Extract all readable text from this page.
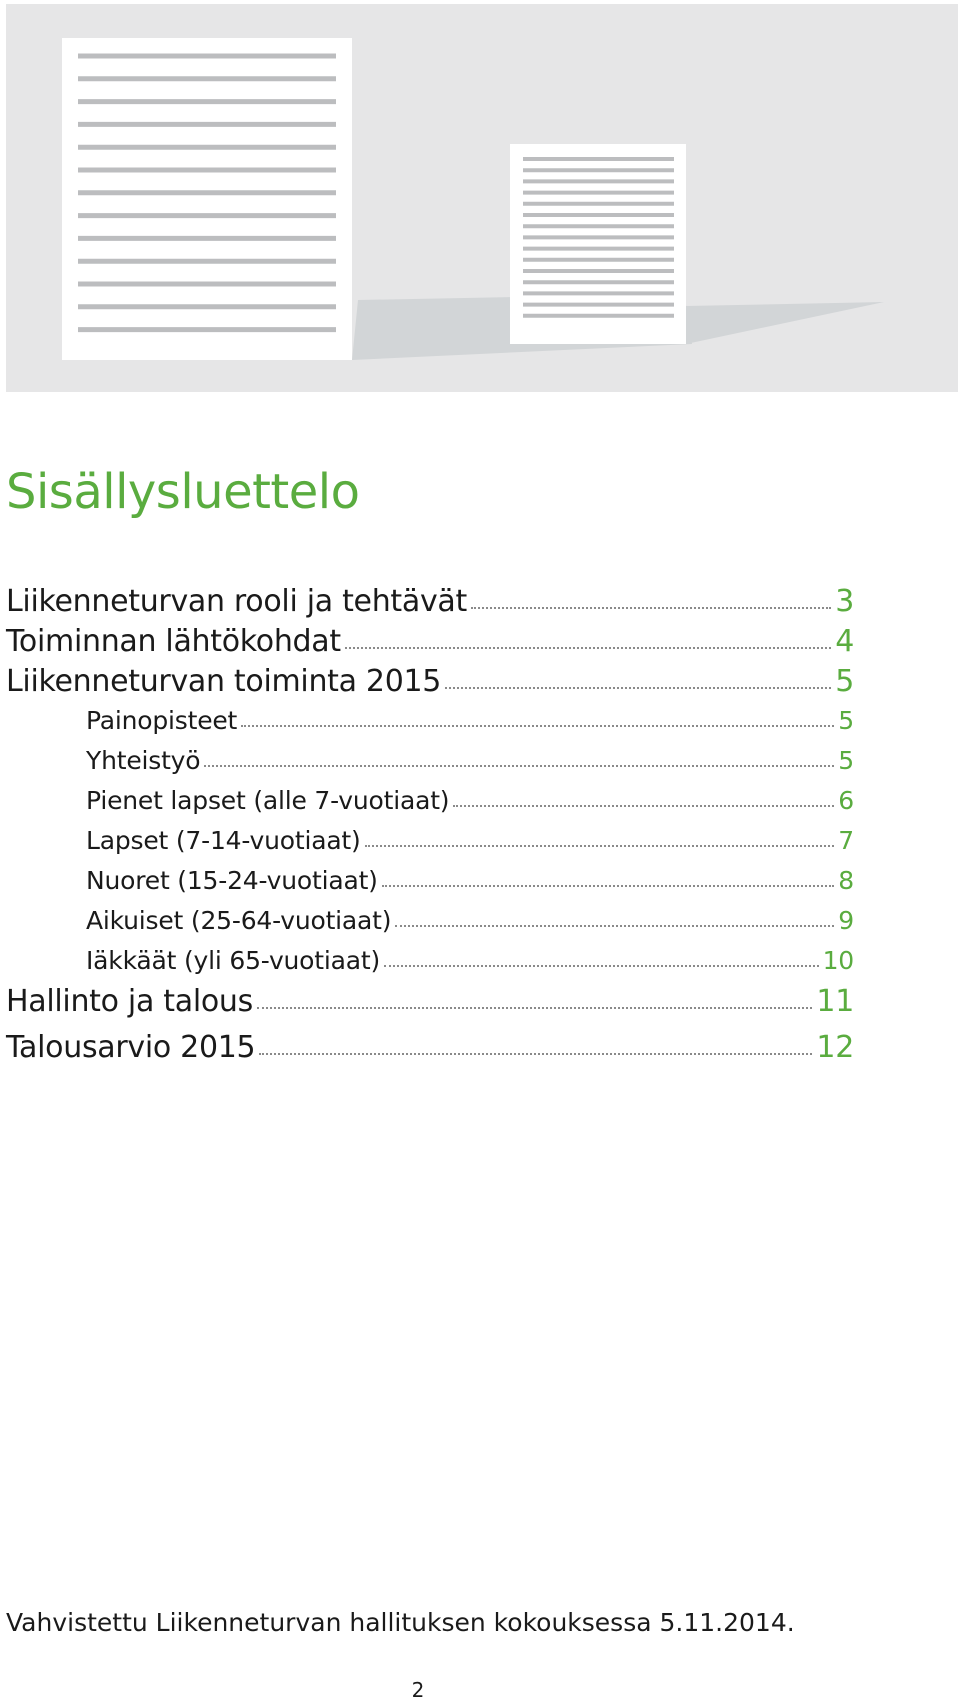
Sisällysluettelo
Liikenneturvan rooli ja tehtävät	3
Toiminnan lähtökohdat	4
Liikenneturvan toiminta 2015	5
Painopisteet	5
Yhteistyö	5
Pienet lapset (alle 7-vuotiaat)	6
Lapset (7-14-vuotiaat)	7
Nuoret (15-24-vuotiaat)	8
Aikuiset (25-64-vuotiaat)	9
Iäkkäät (yli 65-vuotiaat)	10
Hallinto ja talous	11
Talousarvio 2015	12

Vahvistettu Liikenneturvan hallituksen kokouksessa 5.11.2014.

2
